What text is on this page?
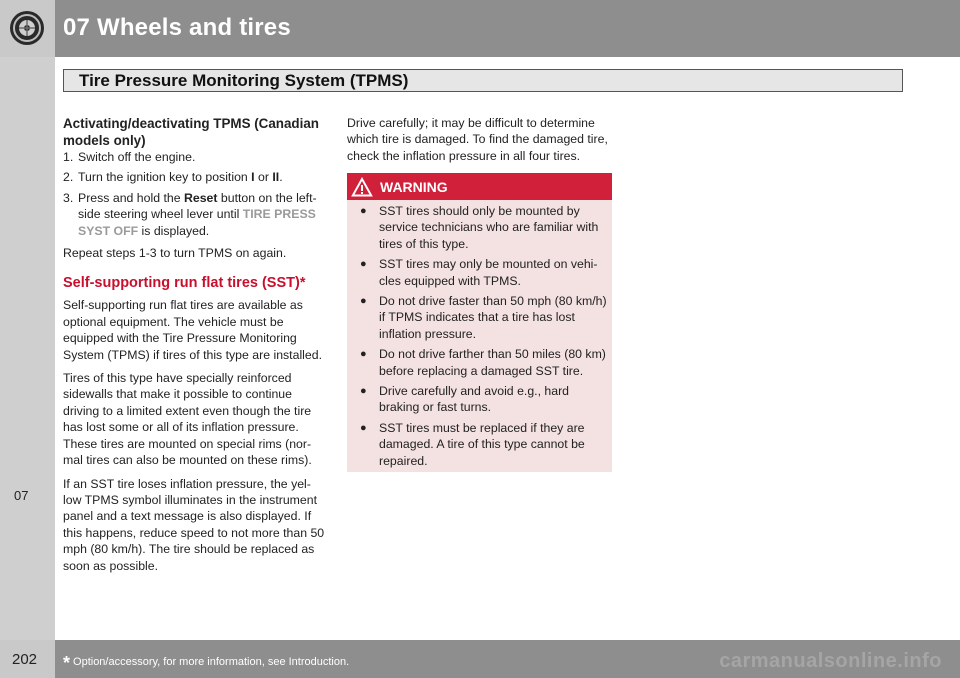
07 Wheels and tires
Tire Pressure Monitoring System (TPMS)
07
Activating/deactivating TPMS (Canadian models only)
1. Switch off the engine.
2. Turn the ignition key to position I or II.
3. Press and hold the Reset button on the left-side steering wheel lever until TIRE PRESS SYST OFF is displayed.

Repeat steps 1-3 to turn TPMS on again.

Self-supporting run flat tires (SST)*

Self-supporting run flat tires are available as optional equipment. The vehicle must be equipped with the Tire Pressure Monitoring System (TPMS) if tires of this type are installed.

Tires of this type have specially reinforced sidewalls that make it possible to continue driving to a limited extent even though the tire has lost some or all of its inflation pressure. These tires are mounted on special rims (nor-mal tires can also be mounted on these rims).

If an SST tire loses inflation pressure, the yel-low TPMS symbol illuminates in the instrument panel and a text message is also displayed. If this happens, reduce speed to not more than 50 mph (80 km/h). The tire should be replaced as soon as possible.

Drive carefully; it may be difficult to determine which tire is damaged. To find the damaged tire, check the inflation pressure in all four tires.

WARNING
● SST tires should only be mounted by service technicians who are familiar with tires of this type.
● SST tires may only be mounted on vehi-cles equipped with TPMS.
● Do not drive faster than 50 mph (80 km/h) if TPMS indicates that a tire has lost inflation pressure.
● Do not drive farther than 50 miles (80 km) before replacing a damaged SST tire.
● Drive carefully and avoid e.g., hard braking or fast turns.
● SST tires must be replaced if they are damaged. A tire of this type cannot be repaired.
202 * Option/accessory, for more information, see Introduction.	carmanualsonline.info
